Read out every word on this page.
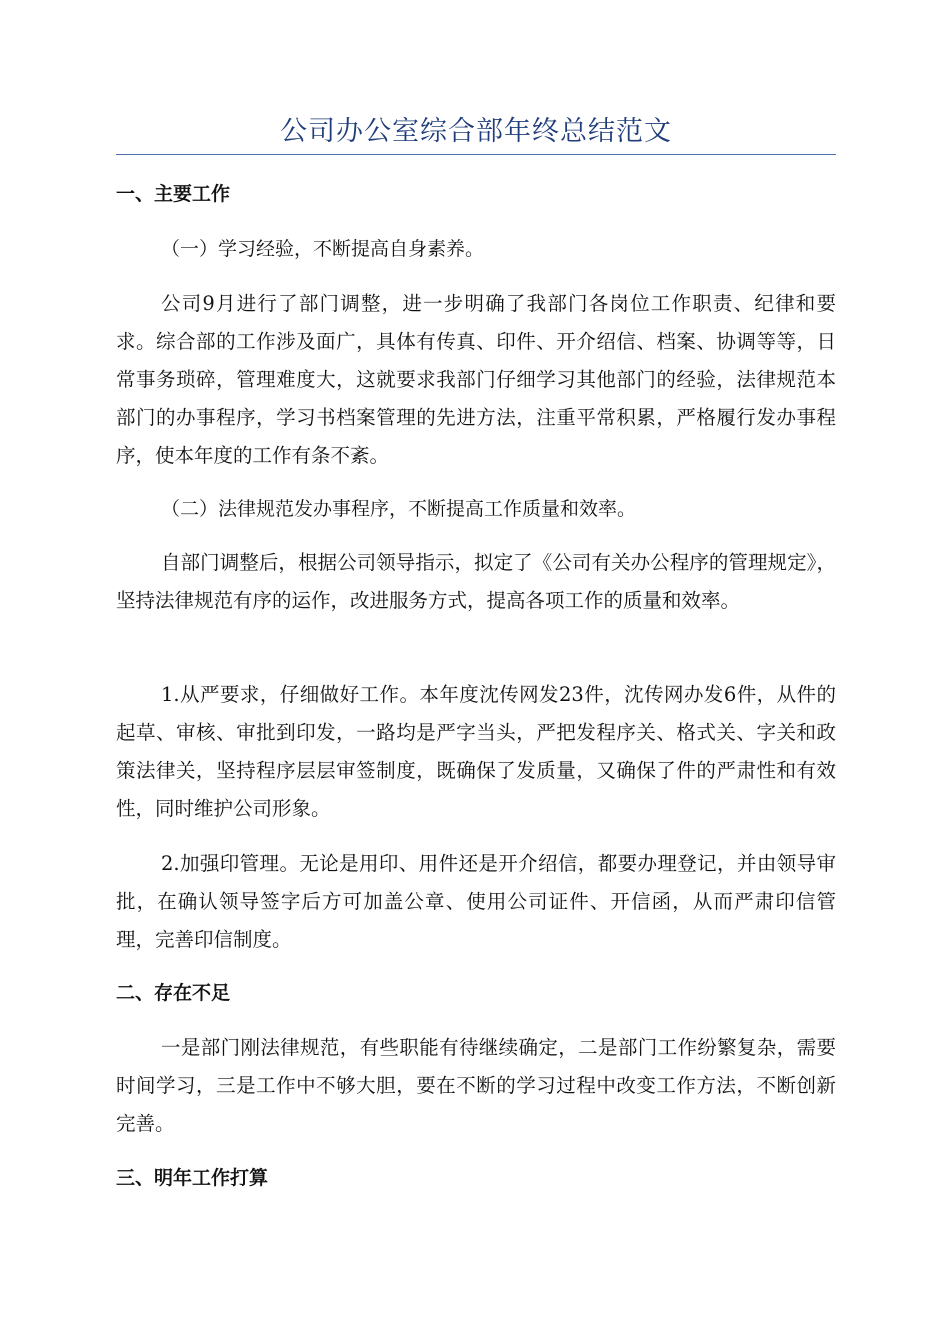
公司办公室综合部年终总结范文
一、主要工作
（一）学习经验，不断提高自身素养。
公司9月进行了部门调整，进一步明确了我部门各岗位工作职责、纪律和要求。综合部的工作涉及面广，具体有传真、印件、开介绍信、档案、协调等等，日常事务琐碎，管理难度大，这就要求我部门仔细学习其他部门的经验，法律规范本部门的办事程序，学习书档案管理的先进方法，注重平常积累，严格履行发办事程序，使本年度的工作有条不紊。
（二）法律规范发办事程序，不断提高工作质量和效率。
自部门调整后，根据公司领导指示，拟定了《公司有关办公程序的管理规定》，坚持法律规范有序的运作，改进服务方式，提高各项工作的质量和效率。
1.从严要求，仔细做好工作。本年度沈传网发23件，沈传网办发6件，从件的起草、审核、审批到印发，一路均是严字当头，严把发程序关、格式关、字关和政策法律关，坚持程序层层审签制度，既确保了发质量，又确保了件的严肃性和有效性，同时维护公司形象。
2.加强印管理。无论是用印、用件还是开介绍信，都要办理登记，并由领导审批，在确认领导签字后方可加盖公章、使用公司证件、开信函，从而严肃印信管理，完善印信制度。
二、存在不足
一是部门刚法律规范，有些职能有待继续确定，二是部门工作纷繁复杂，需要时间学习，三是工作中不够大胆，要在不断的学习过程中改变工作方法，不断创新完善。
三、明年工作打算
